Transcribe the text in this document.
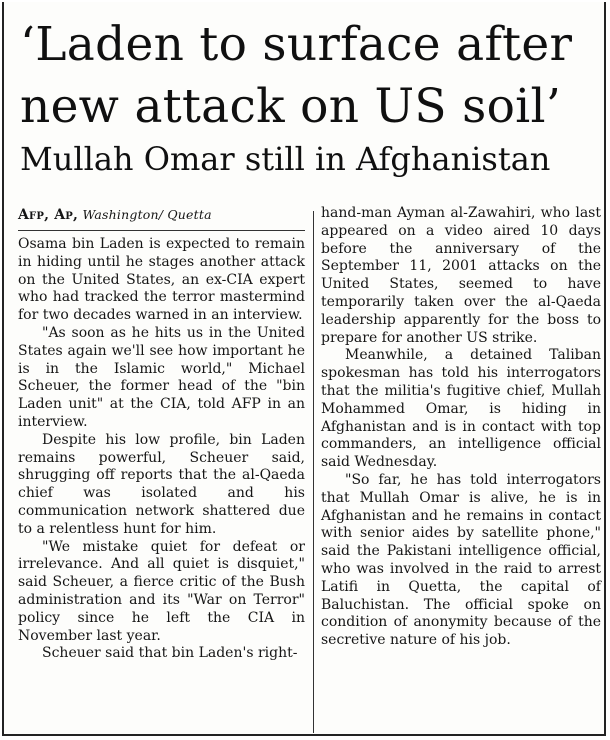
‘Laden to surface after
new attack on US soil’
Mullah Omar still in Afghanistan
Afp, Ap, Washington/ Quetta

Osama bin Laden is expected to remain in hiding until he stages another attack on the United States, an ex-CIA expert who had tracked the terror mastermind for two decades warned in an interview.

"As soon as he hits us in the United States again we'll see how important he is in the Islamic world," Michael Scheuer, the former head of the "bin Laden unit" at the CIA, told AFP in an interview.

Despite his low profile, bin Laden remains powerful, Scheuer said, shrugging off reports that the al-Qaeda chief was isolated and his communication network shattered due to a relentless hunt for him.

"We mistake quiet for defeat or irrelevance. And all quiet is disquiet," said Scheuer, a fierce critic of the Bush administration and its "War on Terror" policy since he left the CIA in November last year.

Scheuer said that bin Laden's right-

hand-man Ayman al-Zawahiri, who last appeared on a video aired 10 days before the anniversary of the September 11, 2001 attacks on the United States, seemed to have temporarily taken over the al-Qaeda leadership apparently for the boss to prepare for another US strike.

Meanwhile, a detained Taliban spokesman has told his interrogators that the militia's fugitive chief, Mullah Mohammed Omar, is hiding in Afghanistan and is in contact with top commanders, an intelligence official said Wednesday.

"So far, he has told interrogators that Mullah Omar is alive, he is in Afghanistan and he remains in contact with senior aides by satellite phone," said the Pakistani intelligence official, who was involved in the raid to arrest Latifi in Quetta, the capital of Baluchistan. The official spoke on condition of anonymity because of the secretive nature of his job.
